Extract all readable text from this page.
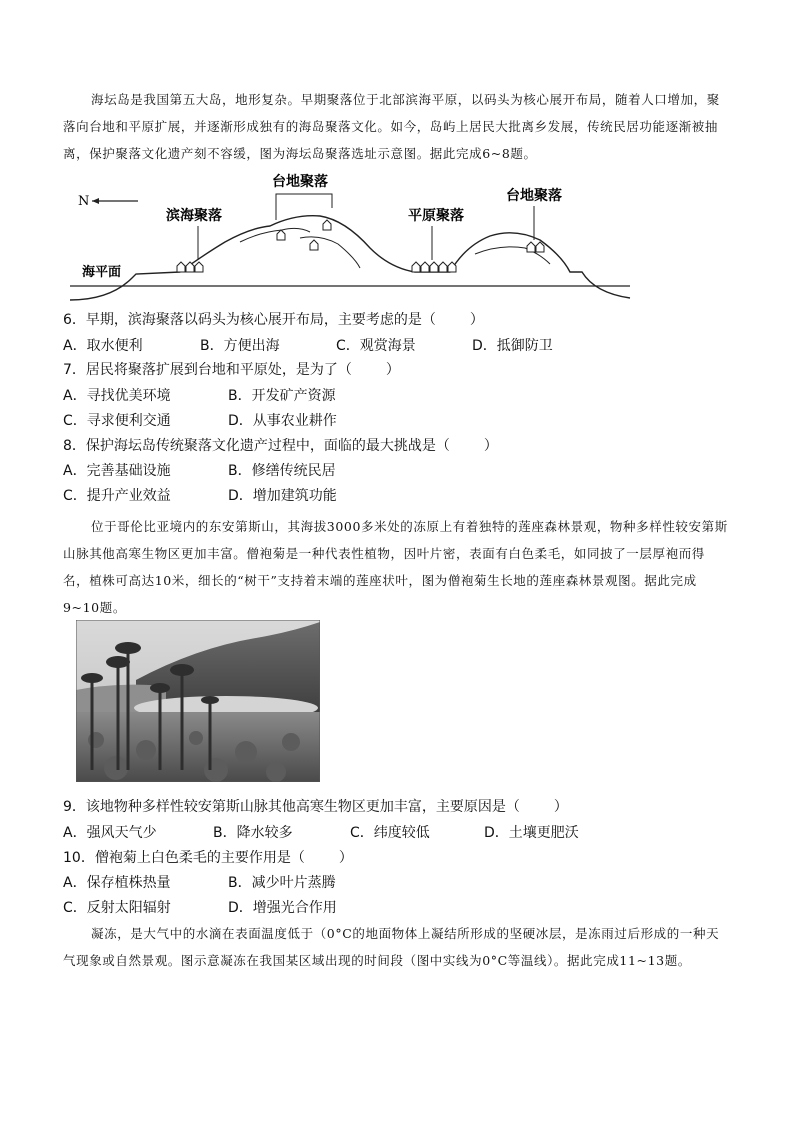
海坛岛是我国第五大岛，地形复杂。早期聚落位于北部滨海平原，以码头为核心展开布局，随着人口增加，聚落向台地和平原扩展，并逐渐形成独有的海岛聚落文化。如今，岛屿上居民大批离乡发展，传统民居功能逐渐被抽离，保护聚落文化遗产刻不容缓，图为海坛岛聚落选址示意图。据此完成6~8题。

N
海平面
滨海聚落
台地聚落
平原聚落
台地聚落

6．早期，滨海聚落以码头为核心展开布局，主要考虑的是（ ）

A．取水便利	B．方便出海	C．观赏海景	D．抵御防卫

7．居民将聚落扩展到台地和平原处，是为了（ ）

A．寻找优美环境	B．开发矿产资源

C．寻求便利交通	D．从事农业耕作

8．保护海坛岛传统聚落文化遗产过程中，面临的最大挑战是（ ）

A．完善基础设施	B．修缮传统民居

C．提升产业效益	D．增加建筑功能

位于哥伦比亚境内的东安第斯山，其海拔3000多米处的冻原上有着独特的莲座森林景观，物种多样性较安第斯山脉其他高寒生物区更加丰富。僧袍菊是一种代表性植物，因叶片密，表面有白色柔毛，如同披了一层厚袍而得名，植株可高达10米，细长的“树干”支持着末端的莲座状叶，图为僧袍菊生长地的莲座森林景观图。据此完成9~10题。

9．该地物种多样性较安第斯山脉其他高寒生物区更加丰富，主要原因是（ ）

A．强风天气少	B．降水较多	C．纬度较低	D．土壤更肥沃

10．僧袍菊上白色柔毛的主要作用是（ ）

A．保存植株热量	B．减少叶片蒸腾

C．反射太阳辐射	D．增强光合作用

凝冻，是大气中的水滴在表面温度低于（0°C的地面物体上凝结所形成的坚硬冰层，是冻雨过后形成的一种天气现象或自然景观。图示意凝冻在我国某区域出现的时间段（图中实线为0°C等温线）。据此完成11~13题。
